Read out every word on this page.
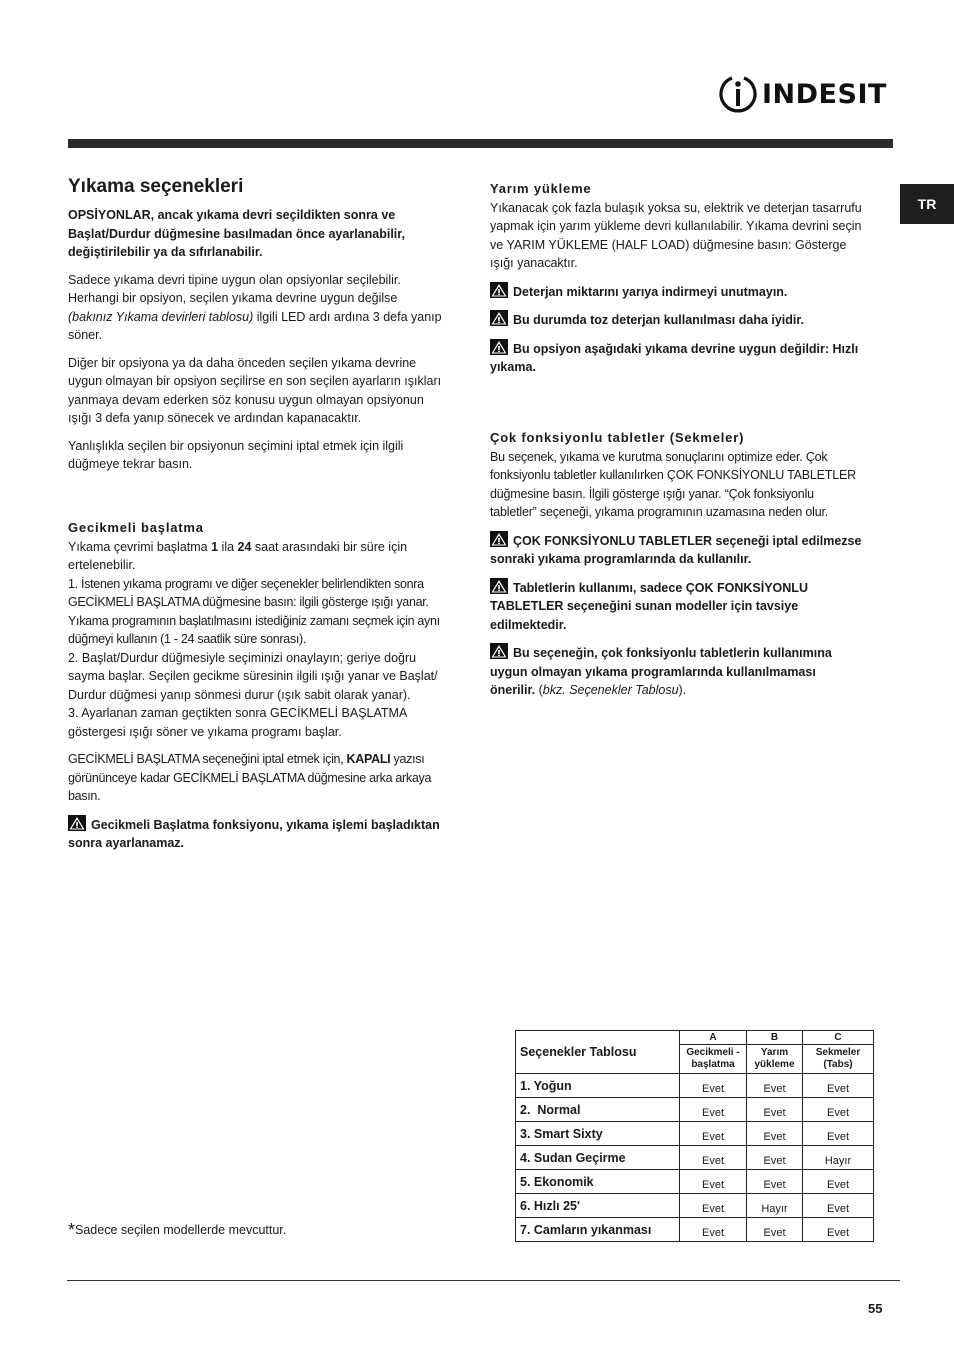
INDESIT
TR
Yıkama seçenekleri

OPSİYONLAR, ancak yıkama devri seçildikten sonra ve Başlat/Durdur düğmesine basılmadan önce ayarlanabilir, değiştirilebilir ya da sıfırlanabilir.

Sadece yıkama devri tipine uygun olan opsiyonlar seçilebilir. Herhangi bir opsiyon, seçilen yıkama devrine uygun değilse (bakınız Yıkama devirleri tablosu) ilgili LED ardı ardına 3 defa yanıp söner.

Diğer bir opsiyona ya da daha önceden seçilen yıkama devrine uygun olmayan bir opsiyon seçilirse en son seçilen ayarların ışıkları yanmaya devam ederken söz konusu uygun olmayan opsiyonun ışığı 3 defa yanıp sönecek ve ardından kapanacaktır.

Yanlışlıkla seçilen bir opsiyonun seçimini iptal etmek için ilgili düğmeye tekrar basın.

Gecikmeli başlatma
Yıkama çevrimi başlatma 1 ila 24 saat arasındaki bir süre için ertelenebilir.
1. İstenen yıkama programı ve diğer seçenekler belirlendikten sonra GECİKMELİ BAŞLATMA düğmesine basın: ilgili gösterge ışığı yanar. Yıkama programının başlatılmasını istediğiniz zamanı seçmek için aynı düğmeyi kullanın (1 - 24 saatlik süre sonrası).
2. Başlat/Durdur düğmesiyle seçiminizi onaylayın; geriye doğru sayma başlar. Seçilen gecikme süresinin ilgili ışığı yanar ve Başlat/ Durdur düğmesi yanıp sönmesi durur (ışık sabit olarak yanar).
3. Ayarlanan zaman geçtikten sonra GECİKMELİ BAŞLATMA göstergesi ışığı söner ve yıkama programı başlar.

GECİKMELİ BAŞLATMA seçeneğini iptal etmek için, KAPALI yazısı görününceye kadar GECİKMELİ BAŞLATMA düğmesine arka arkaya basın.

Gecikmeli Başlatma fonksiyonu, yıkama işlemi başladıktan sonra ayarlanamaz.

Yarım yükleme

Yıkanacak çok fazla bulaşık yoksa su, elektrik ve deterjan tasarrufu yapmak için yarım yükleme devri kullanılabilir. Yıkama devrini seçin ve YARIM YÜKLEME (HALF LOAD) düğmesine basın: Gösterge ışığı yanacaktır.

Deterjan miktarını yarıya indirmeyi unutmayın.

Bu durumda toz deterjan kullanılması daha iyidir.

Bu opsiyon aşağıdaki yıkama devrine uygun değildir: Hızlı yıkama.

Çok fonksiyonlu tabletler (Sekmeler)

Bu seçenek, yıkama ve kurutma sonuçlarını optimize eder. Çok fonksiyonlu tabletler kullanılırken ÇOK FONKSİYONLU TABLETLER düğmesine basın. İlgili gösterge ışığı yanar. “Çok fonksiyonlu tabletler” seçeneği, yıkama programının uzamasına neden olur.

ÇOK FONKSİYONLU TABLETLER seçeneği iptal edilmezse sonraki yıkama programlarında da kullanılır.

Tabletlerin kullanımı, sadece ÇOK FONKSİYONLU TABLETLER seçeneğini sunan modeller için tavsiye edilmektedir.

Bu seçeneğin, çok fonksiyonlu tabletlerin kullanımına uygun olmayan yıkama programlarında kullanılmaması önerilir. (bkz. Seçenekler Tablosu).

Seçenekler Tablosu	A	B	C
	Gecikmeli -başlatma	Yarım yükleme	Sekmeler (Tabs)
1. Yoğun	Evet	Evet	Evet
2.  Normal	Evet	Evet	Evet
3. Smart Sixty	Evet	Evet	Evet
4. Sudan Geçirme	Evet	Evet	Hayır
5. Ekonomik	Evet	Evet	Evet
6. Hızlı 25'	Evet	Hayır	Evet
7. Camların yıkanması	Evet	Evet	Evet
*Sadece seçilen modellerde mevcuttur.
55
